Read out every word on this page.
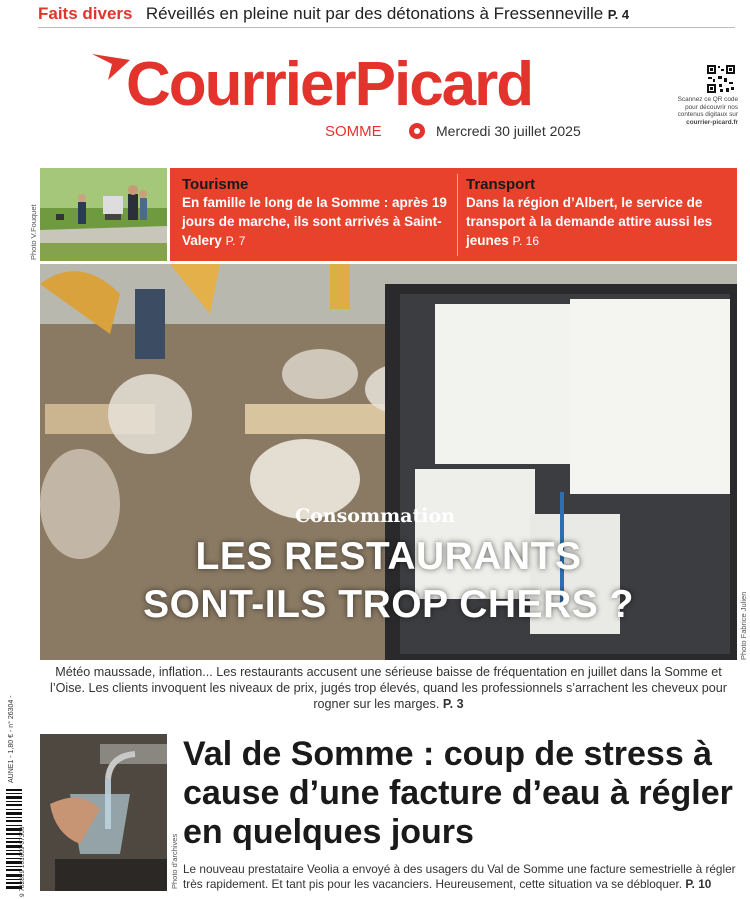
Faits divers Réveillés en pleine nuit par des détonations à Fressenneville P. 4
CourrierPicard
SOMME	Mercredi 30 juillet 2025
Scannez ce QR code pour découvrir nos contenus digitaux sur
courrier-picard.fr
Photo V.Fouquet
Tourisme
En famille le long de la Somme : après 19 jours de marche, ils sont arrivés à Saint-Valery P. 7
Transport
Dans la région d’Albert, le service de transport à la demande attire aussi les jeunes P. 16
Photo Fabrice Julien
Consommation
LES RESTAURANTS
SONT-ILS TROP CHERS ?
Météo maussade, inflation... Les restaurants accusent une sérieuse baisse de fréquentation en juillet dans la Somme et l’Oise. Les clients invoquent les niveaux de prix, jugés trop élevés, quand les professionnels s’arrachent les cheveux pour rogner sur les marges. P. 3
Photo d'archives
Val de Somme : coup de stress à cause d’une facture d’eau à régler en quelques jours
Le nouveau prestataire Veolia a envoyé à des usagers du Val de Somme une facture semestrielle à régler très rapidement. Et tant pis pour les vacanciers. Heureusement, cette situation va se débloquer. P. 10
AUNE1 - 1,80 € - n° 26304 -
9 782819 101609 07300
